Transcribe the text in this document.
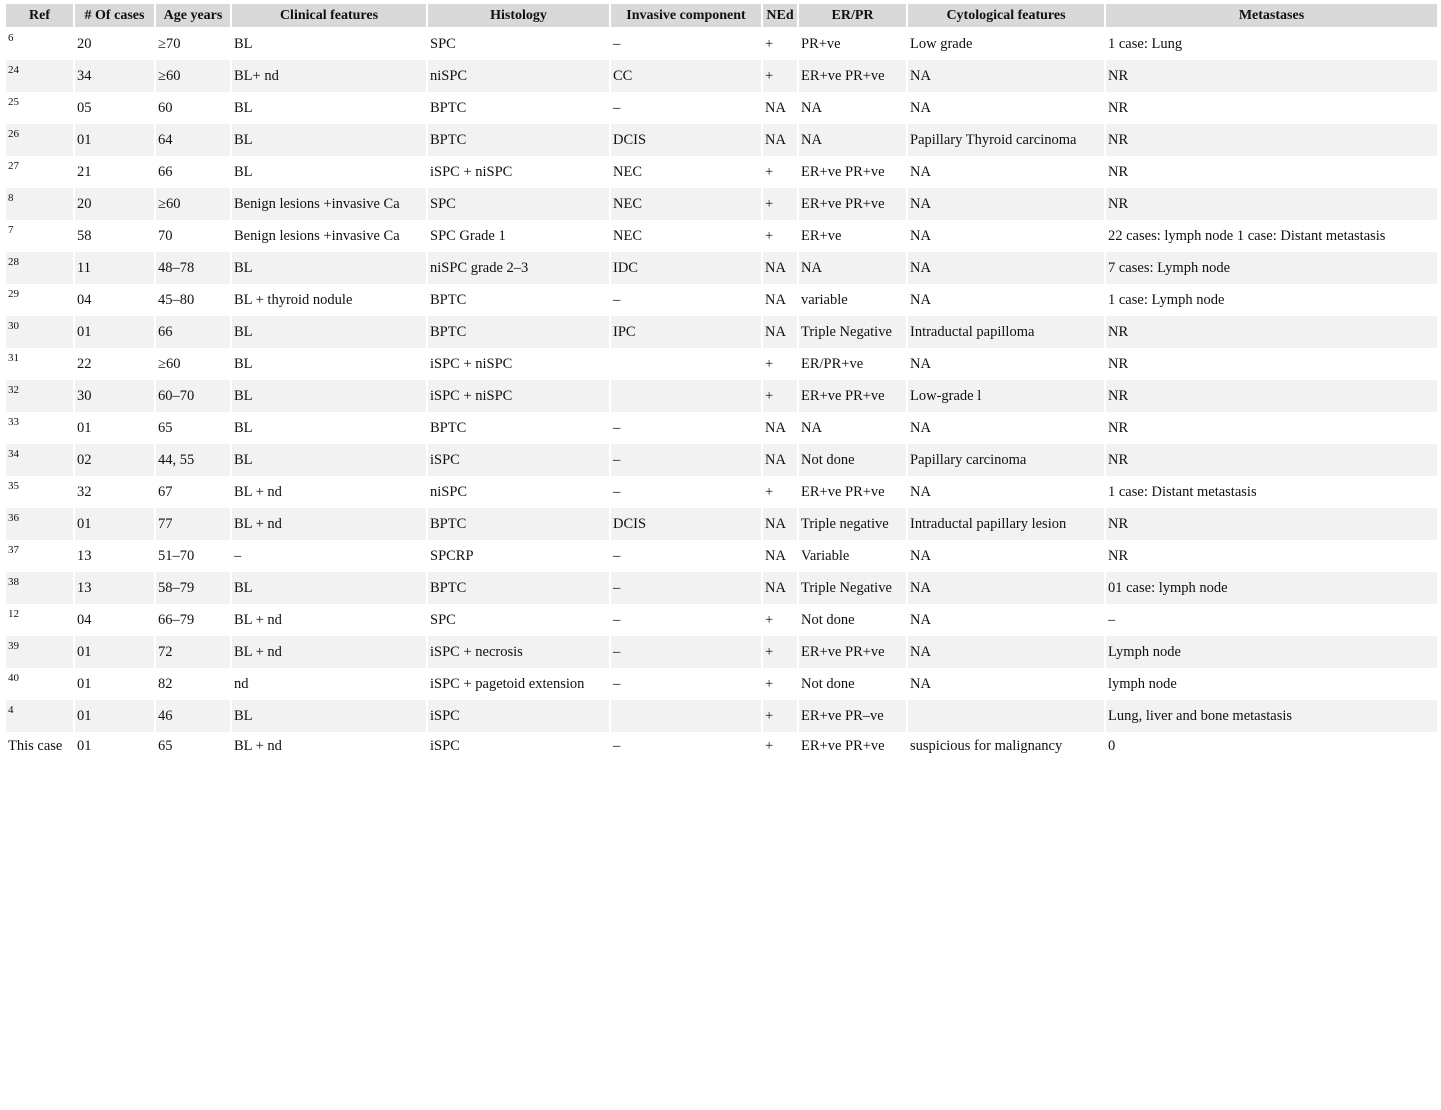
Ref	# Of cases	Age years	Clinical features	Histology	Invasive component	NEd	ER/PR	Cytological features	Metastases
6	20	≥70	BL	SPC	–	+	PR+ve	Low grade	1 case: Lung
24	34	≥60	BL+ nd	niSPC	CC	+	ER+ve PR+ve	NA	NR
25	05	60	BL	BPTC	–	NA	NA	NA	NR
26	01	64	BL	BPTC	DCIS	NA	NA	Papillary Thyroid carcinoma	NR
27	21	66	BL	iSPC + niSPC	NEC	+	ER+ve PR+ve	NA	NR
8	20	≥60	Benign lesions +invasive Ca	SPC	NEC	+	ER+ve PR+ve	NA	NR
7	58	70	Benign lesions +invasive Ca	SPC Grade 1	NEC	+	ER+ve	NA	22 cases: lymph node 1 case: Distant metastasis
28	11	48–78	BL	niSPC grade 2–3	IDC	NA	NA	NA	7 cases: Lymph node
29	04	45–80	BL + thyroid nodule	BPTC	–	NA	variable	NA	1 case: Lymph node
30	01	66	BL	BPTC	IPC	NA	Triple Negative	Intraductal papilloma	NR
31	22	≥60	BL	iSPC + niSPC		+	ER/PR+ve	NA	NR
32	30	60–70	BL	iSPC + niSPC		+	ER+ve PR+ve	Low-grade l	NR
33	01	65	BL	BPTC	–	NA	NA	NA	NR
34	02	44, 55	BL	iSPC	–	NA	Not done	Papillary carcinoma	NR
35	32	67	BL + nd	niSPC	–	+	ER+ve PR+ve	NA	1 case: Distant metastasis
36	01	77	BL + nd	BPTC	DCIS	NA	Triple negative	Intraductal papillary lesion	NR
37	13	51–70	–	SPCRP	–	NA	Variable	NA	NR
38	13	58–79	BL	BPTC	–	NA	Triple Negative	NA	01 case: lymph node
12	04	66–79	BL + nd	SPC	–	+	Not done	NA	–
39	01	72	BL + nd	iSPC + necrosis	–	+	ER+ve PR+ve	NA	Lymph node
40	01	82	nd	iSPC + pagetoid extension	–	+	Not done	NA	lymph node
4	01	46	BL	iSPC		+	ER+ve PR–ve		Lung, liver and bone metastasis
This case	01	65	BL + nd	iSPC	–	+	ER+ve PR+ve	suspicious for malignancy	0
